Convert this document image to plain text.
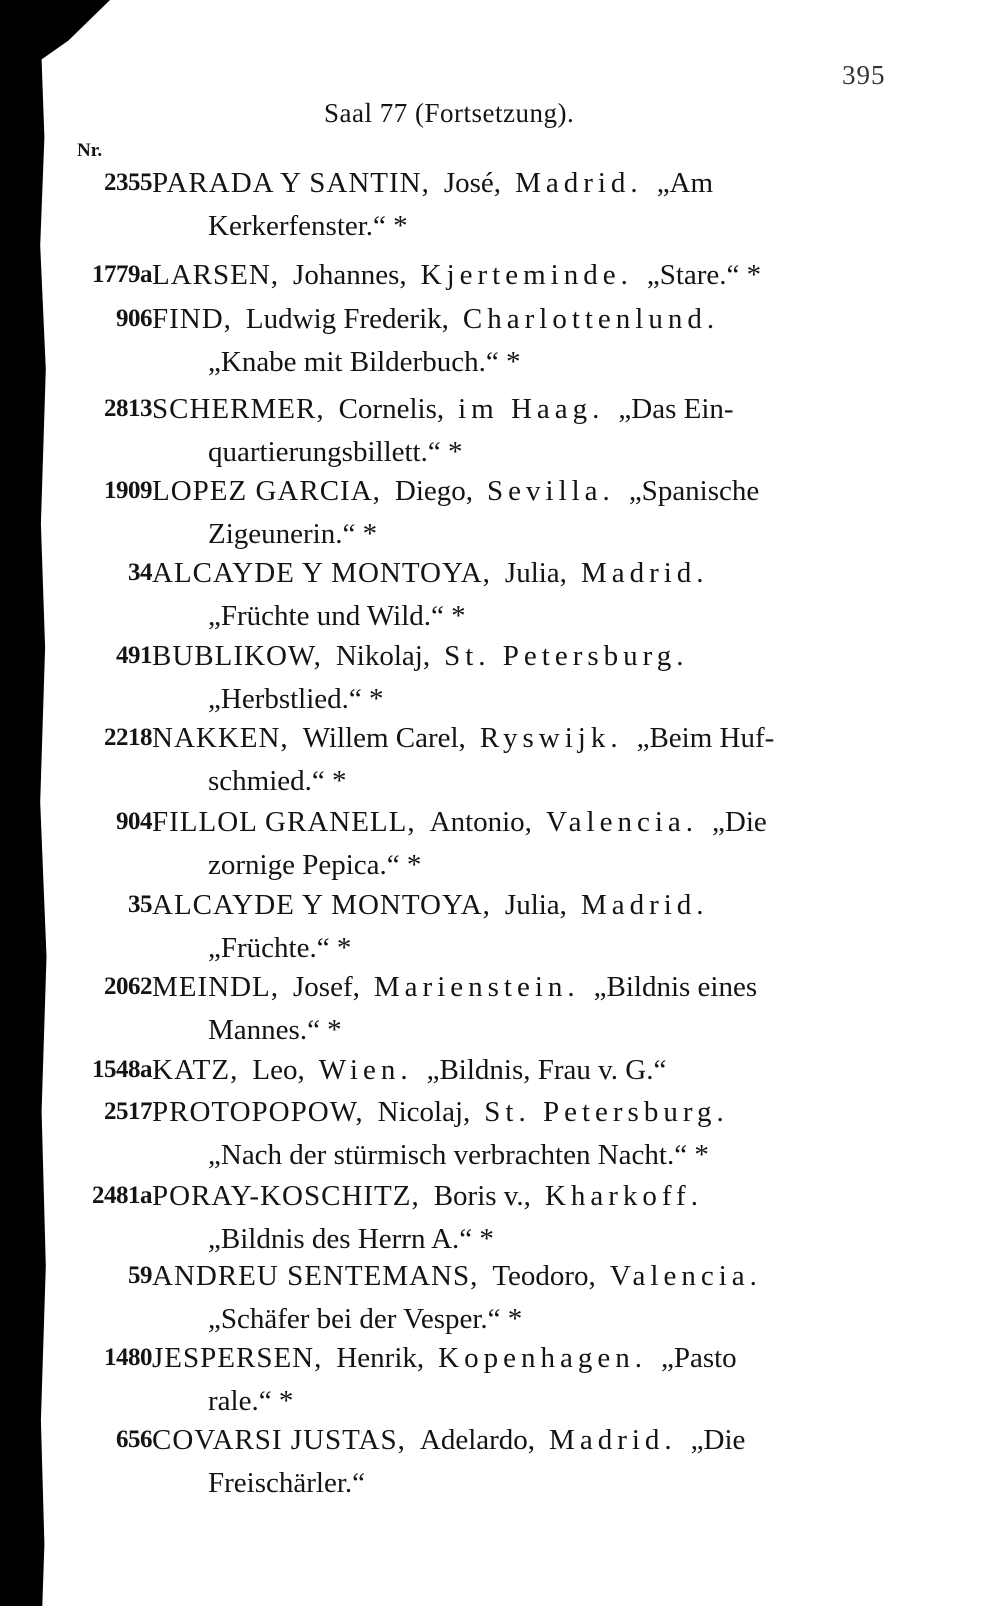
395
Saal 77 (Fortsetzung).
Nr.
2355 PARADA Y SANTIN, José, Madrid. „Am
Kerkerfenster.“ *
1779a LARSEN, Johannes, Kjerteminde. „Stare.“ *
906 FIND, Ludwig Frederik, Charlottenlund.
„Knabe mit Bilderbuch.“ *
2813 SCHERMER, Cornelis, im Haag. „Das Ein-
quartierungsbillett.“ *
1909 LOPEZ GARCIA, Diego, Sevilla. „Spanische
Zigeunerin.“ *
34 ALCAYDE Y MONTOYA, Julia, Madrid.
„Früchte und Wild.“ *
491 BUBLIKOW, Nikolaj, St. Petersburg.
„Herbstlied.“ *
2218 NAKKEN, Willem Carel, Ryswijk. „Beim Huf-
schmied.“ *
904 FILLOL GRANELL, Antonio, Valencia. „Die
zornige Pepica.“ *
35 ALCAYDE Y MONTOYA, Julia, Madrid.
„Früchte.“ *
2062 MEINDL, Josef, Marienstein. „Bildnis eines
Mannes.“ *
1548a KATZ, Leo, Wien. „Bildnis, Frau v. G.“
2517 PROTOPOPOW, Nicolaj, St. Petersburg.
„Nach der stürmisch verbrachten Nacht.“ *
2481a PORAY-KOSCHITZ, Boris v., Kharkoff.
„Bildnis des Herrn A.“ *
59 ANDREU SENTEMANS, Teodoro, Valencia.
„Schäfer bei der Vesper.“ *
1480 JESPERSEN, Henrik, Kopenhagen. „Pasto
rale.“ *
656 COVARSI JUSTAS, Adelardo, Madrid. „Die
Freischärler.“
